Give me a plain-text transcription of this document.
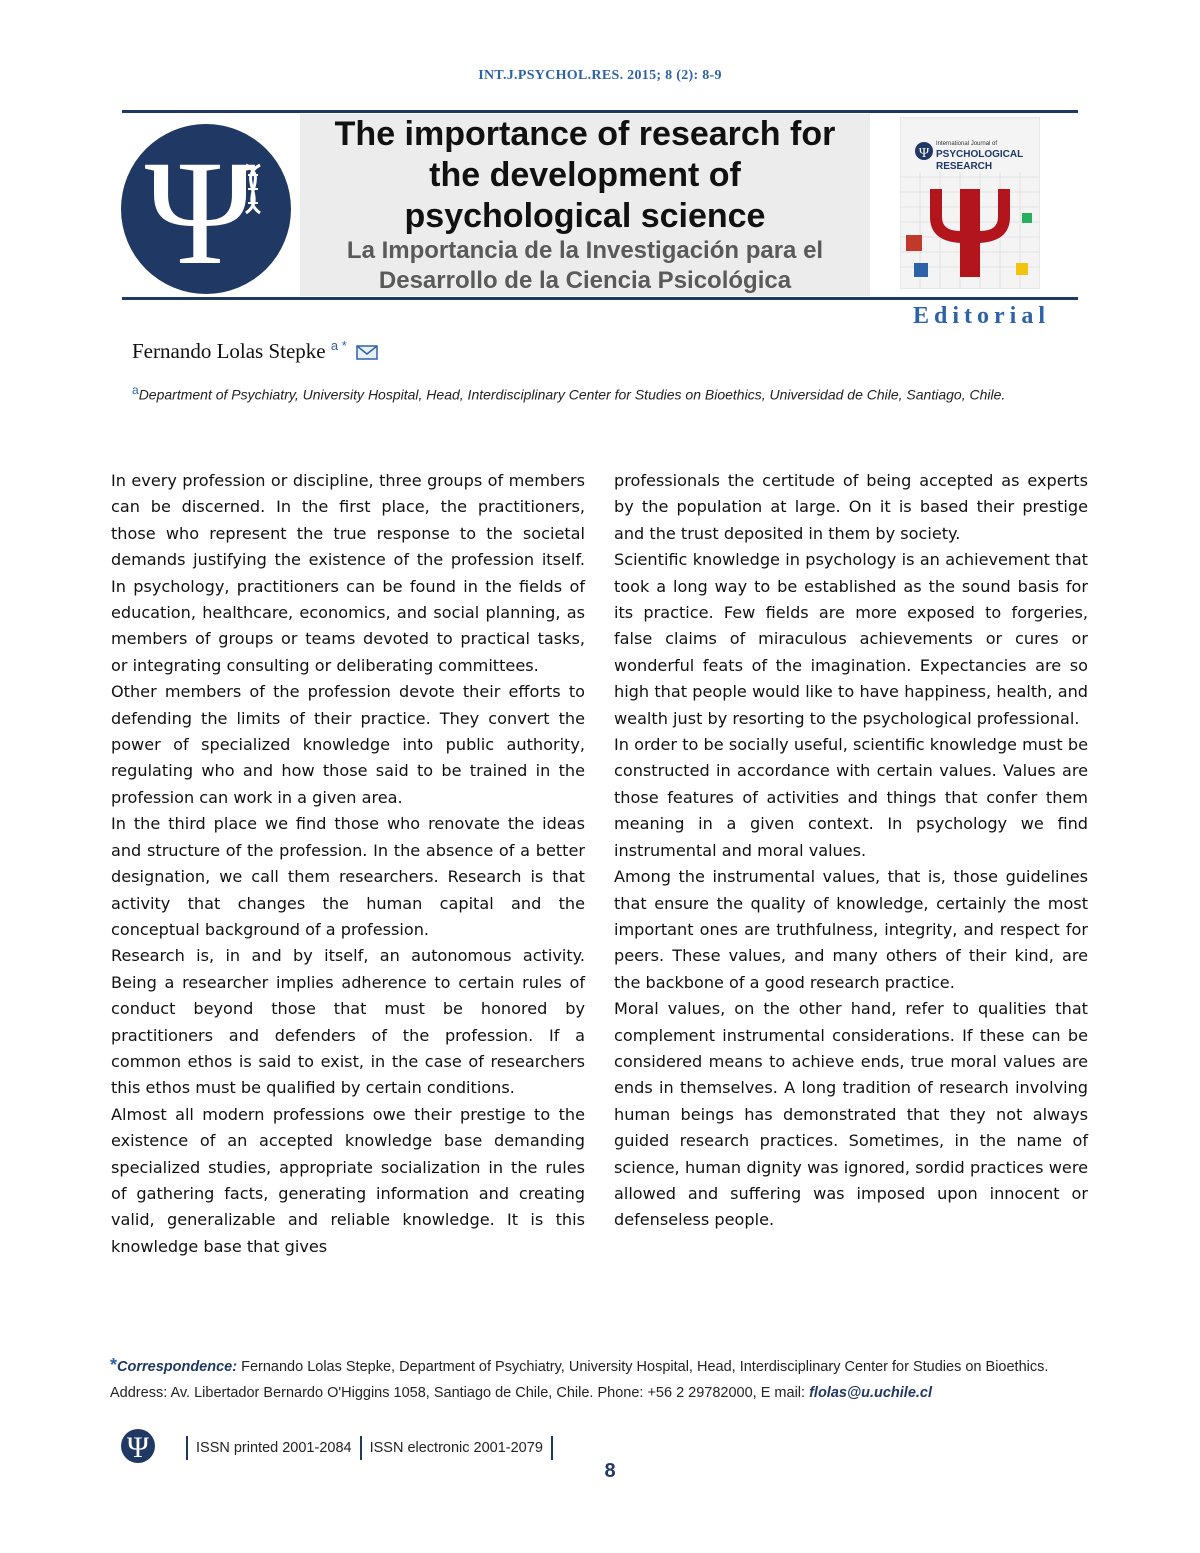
INT.J.PSYCHOL.RES. 2015; 8 (2): 8-9
Ψ	The importance of research for
the development of
psychological science
La Importancia de la Investigación para el
Desarrollo de la Ciencia Psicológica
Ψ
International Journal of
PSYCHOLOGICAL
RESEARCH
Editorial
Fernando Lolas Stepke $^{a *}$
$^a$Department of Psychiatry, University Hospital, Head, Interdisciplinary Center for Studies on Bioethics, Universidad de Chile, Santiago, Chile.

In every profession or discipline, three groups of members can be discerned. In the first place, the practitioners, those who represent the true response to the societal demands justifying the existence of the profession itself. In psychology, practitioners can be found in the fields of education, healthcare, economics, and social planning, as members of groups or teams devoted to practical tasks, or integrating consulting or deliberating committees.

Other members of the profession devote their efforts to defending the limits of their practice. They convert the power of specialized knowledge into public authority, regulating who and how those said to be trained in the profession can work in a given area.

In the third place we find those who renovate the ideas and structure of the profession. In the absence of a better designation, we call them researchers. Research is that activity that changes the human capital and the conceptual background of a profession.

Research is, in and by itself, an autonomous activity. Being a researcher implies adherence to certain rules of conduct beyond those that must be honored by practitioners and defenders of the profession. If a common ethos is said to exist, in the case of researchers this ethos must be qualified by certain conditions.

Almost all modern professions owe their prestige to the existence of an accepted knowledge base demanding specialized studies, appropriate socialization in the rules of gathering facts, generating information and creating valid, generalizable and reliable knowledge. It is this knowledge base that gives

professionals the certitude of being accepted as experts by the population at large. On it is based their prestige and the trust deposited in them by society.

Scientific knowledge in psychology is an achievement that took a long way to be established as the sound basis for its practice. Few fields are more exposed to forgeries, false claims of miraculous achievements or cures or wonderful feats of the imagination. Expectancies are so high that people would like to have happiness, health, and wealth just by resorting to the psychological professional.

In order to be socially useful, scientific knowledge must be constructed in accordance with certain values. Values are those features of activities and things that confer them meaning in a given context. In psychology we find instrumental and moral values.

Among the instrumental values, that is, those guidelines that ensure the quality of knowledge, certainly the most important ones are truthfulness, integrity, and respect for peers. These values, and many others of their kind, are the backbone of a good research practice.

Moral values, on the other hand, refer to qualities that complement instrumental considerations. If these can be considered means to achieve ends, true moral values are ends in themselves. A long tradition of research involving human beings has demonstrated that they not always guided research practices. Sometimes, in the name of science, human dignity was ignored, sordid practices were allowed and suffering was imposed upon innocent or defenseless people.

*Correspondence: Fernando Lolas Stepke, Department of Psychiatry, University Hospital, Head, Interdisciplinary Center for Studies on Bioethics. Address: Av. Libertador Bernardo O'Higgins 1058, Santiago de Chile, Chile. Phone: +56 2 29782000, E mail: flolas@u.uchile.cl
Ψ	ISSN printed 2001-2084 ISSN electronic 2001-2079
8
